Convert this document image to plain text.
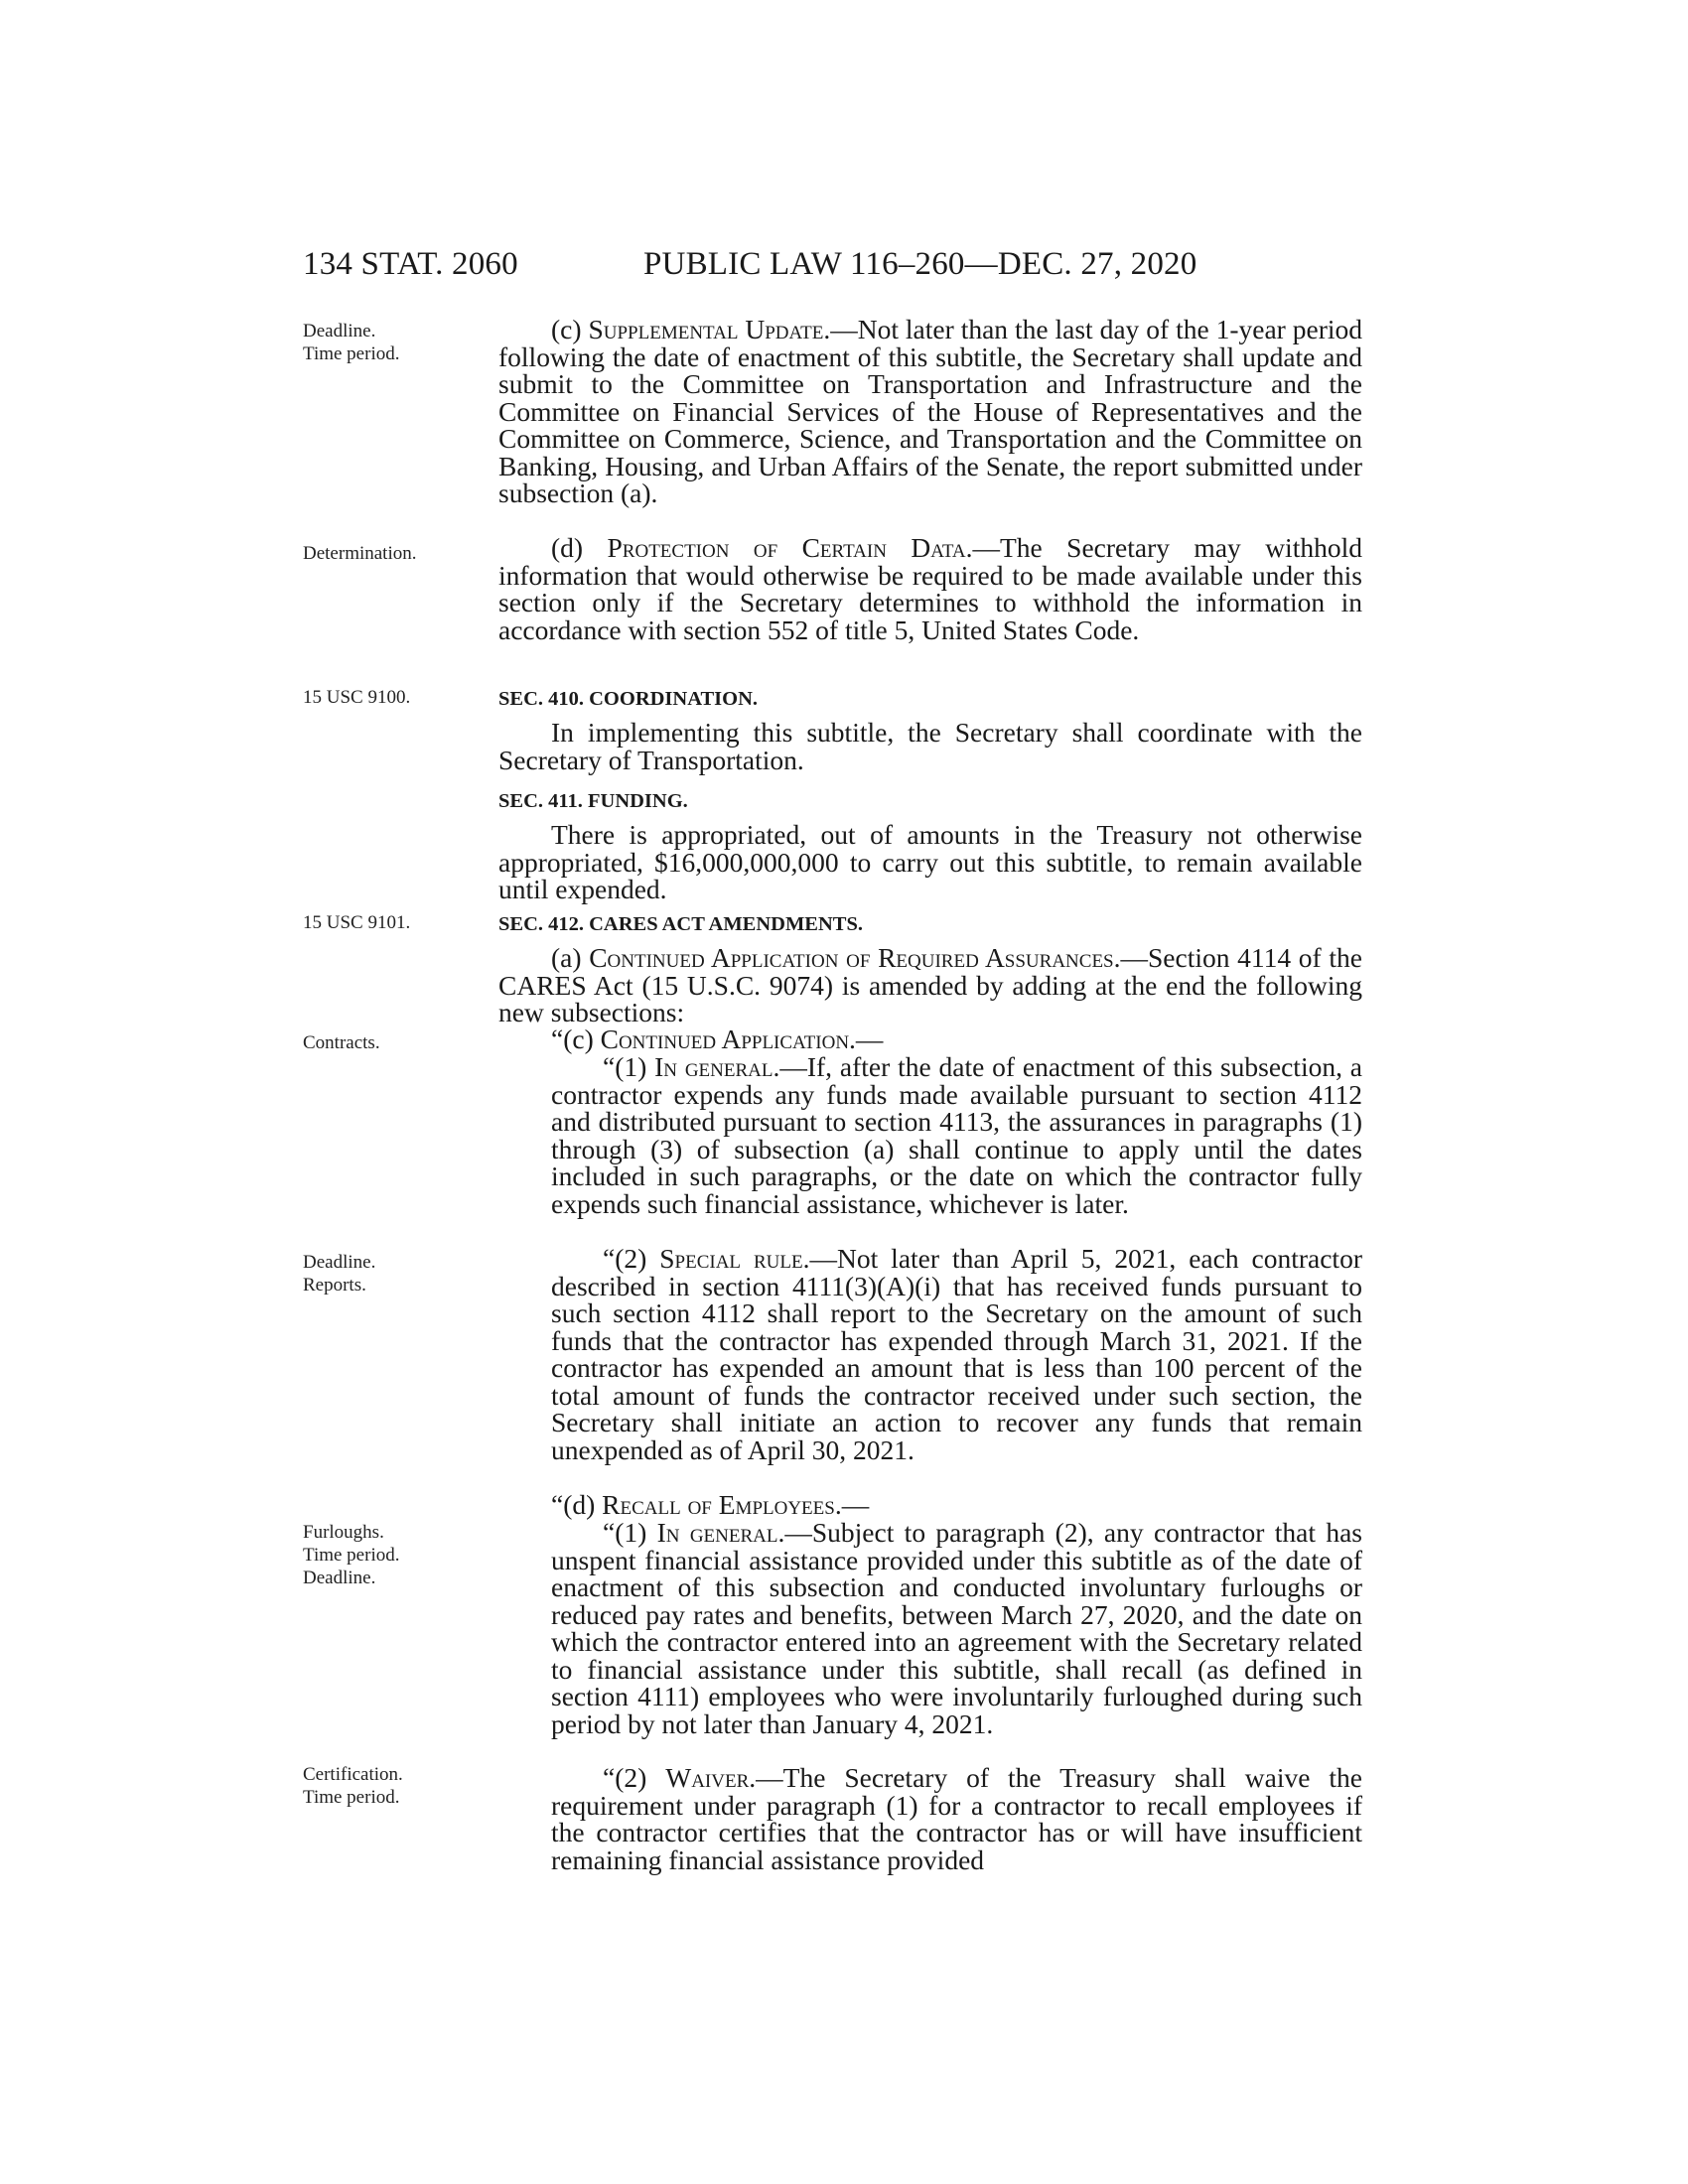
134 STAT. 2060	PUBLIC LAW 116–260—DEC. 27, 2020
Deadline.
Time period.
Determination.
15 USC 9100.
15 USC 9101.
Contracts.
Deadline.
Reports.
Furloughs.
Time period.
Deadline.
Certification.
Time period.
(c) Supplemental Update.—Not later than the last day of the 1-year period following the date of enactment of this subtitle, the Secretary shall update and submit to the Committee on Transportation and Infrastructure and the Committee on Financial Services of the House of Representatives and the Committee on Commerce, Science, and Transportation and the Committee on Banking, Housing, and Urban Affairs of the Senate, the report submitted under subsection (a).
(d) Protection of Certain Data.—The Secretary may withhold information that would otherwise be required to be made available under this section only if the Secretary determines to withhold the information in accordance with section 552 of title 5, United States Code.
SEC. 410. COORDINATION.
In implementing this subtitle, the Secretary shall coordinate with the Secretary of Transportation.
SEC. 411. FUNDING.
There is appropriated, out of amounts in the Treasury not otherwise appropriated, $16,000,000,000 to carry out this subtitle, to remain available until expended.
SEC. 412. CARES ACT AMENDMENTS.
(a) Continued Application of Required Assurances.—Section 4114 of the CARES Act (15 U.S.C. 9074) is amended by adding at the end the following new subsections:
“(c) Continued Application.—
“(1) In general.—If, after the date of enactment of this subsection, a contractor expends any funds made available pursuant to section 4112 and distributed pursuant to section 4113, the assurances in paragraphs (1) through (3) of subsection (a) shall continue to apply until the dates included in such paragraphs, or the date on which the contractor fully expends such financial assistance, whichever is later.
“(2) Special rule.—Not later than April 5, 2021, each contractor described in section 4111(3)(A)(i) that has received funds pursuant to such section 4112 shall report to the Secretary on the amount of such funds that the contractor has expended through March 31, 2021. If the contractor has expended an amount that is less than 100 percent of the total amount of funds the contractor received under such section, the Secretary shall initiate an action to recover any funds that remain unexpended as of April 30, 2021.
“(d) Recall of Employees.—
“(1) In general.—Subject to paragraph (2), any contractor that has unspent financial assistance provided under this subtitle as of the date of enactment of this subsection and conducted involuntary furloughs or reduced pay rates and benefits, between March 27, 2020, and the date on which the contractor entered into an agreement with the Secretary related to financial assistance under this subtitle, shall recall (as defined in section 4111) employees who were involuntarily furloughed during such period by not later than January 4, 2021.
“(2) Waiver.—The Secretary of the Treasury shall waive the requirement under paragraph (1) for a contractor to recall employees if the contractor certifies that the contractor has or will have insufficient remaining financial assistance provided
